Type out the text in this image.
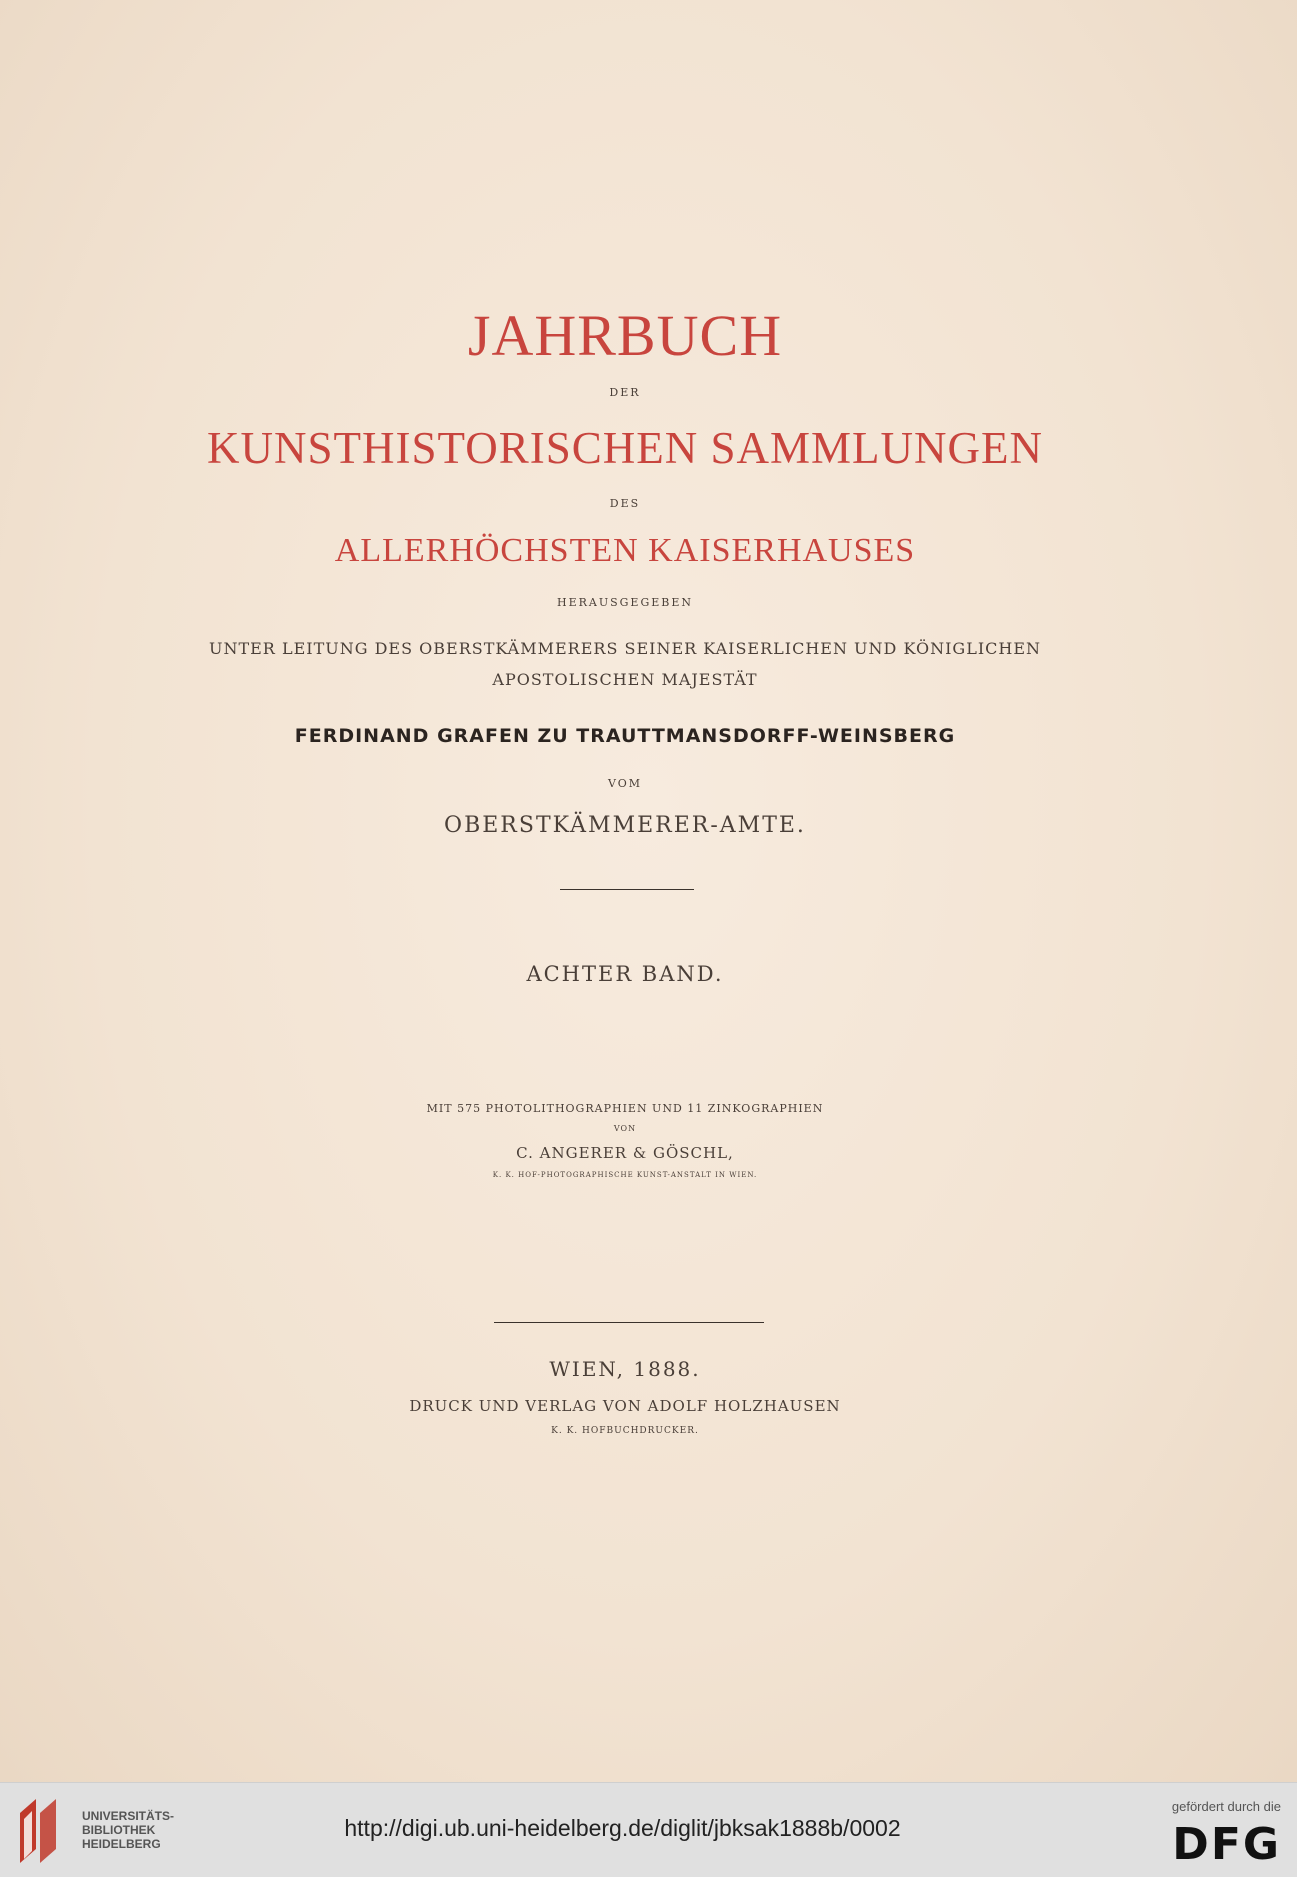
JAHRBUCH
DER
KUNSTHISTORISCHEN SAMMLUNGEN
DES
ALLERHÖCHSTEN KAISERHAUSES
HERAUSGEGEBEN
UNTER LEITUNG DES OBERSTKÄMMERERS SEINER KAISERLICHEN UND KÖNIGLICHEN
APOSTOLISCHEN MAJESTÄT
FERDINAND GRAFEN ZU TRAUTTMANSDORFF-WEINSBERG
VOM
OBERSTKÄMMERER-AMTE.
ACHTER BAND.
MIT 575 PHOTOLITHOGRAPHIEN UND 11 ZINKOGRAPHIEN
VON
C. ANGERER & GÖSCHL,
K. K. HOF-PHOTOGRAPHISCHE KUNST-ANSTALT IN WIEN.
WIEN, 1888.
DRUCK UND VERLAG VON ADOLF HOLZHAUSEN
K. K. HOFBUCHDRUCKER.
UNIVERSITÄTS-
BIBLIOTHEK
HEIDELBERG
http://digi.ub.uni-heidelberg.de/diglit/jbksak1888b/0002
gefördert durch die
DFG
